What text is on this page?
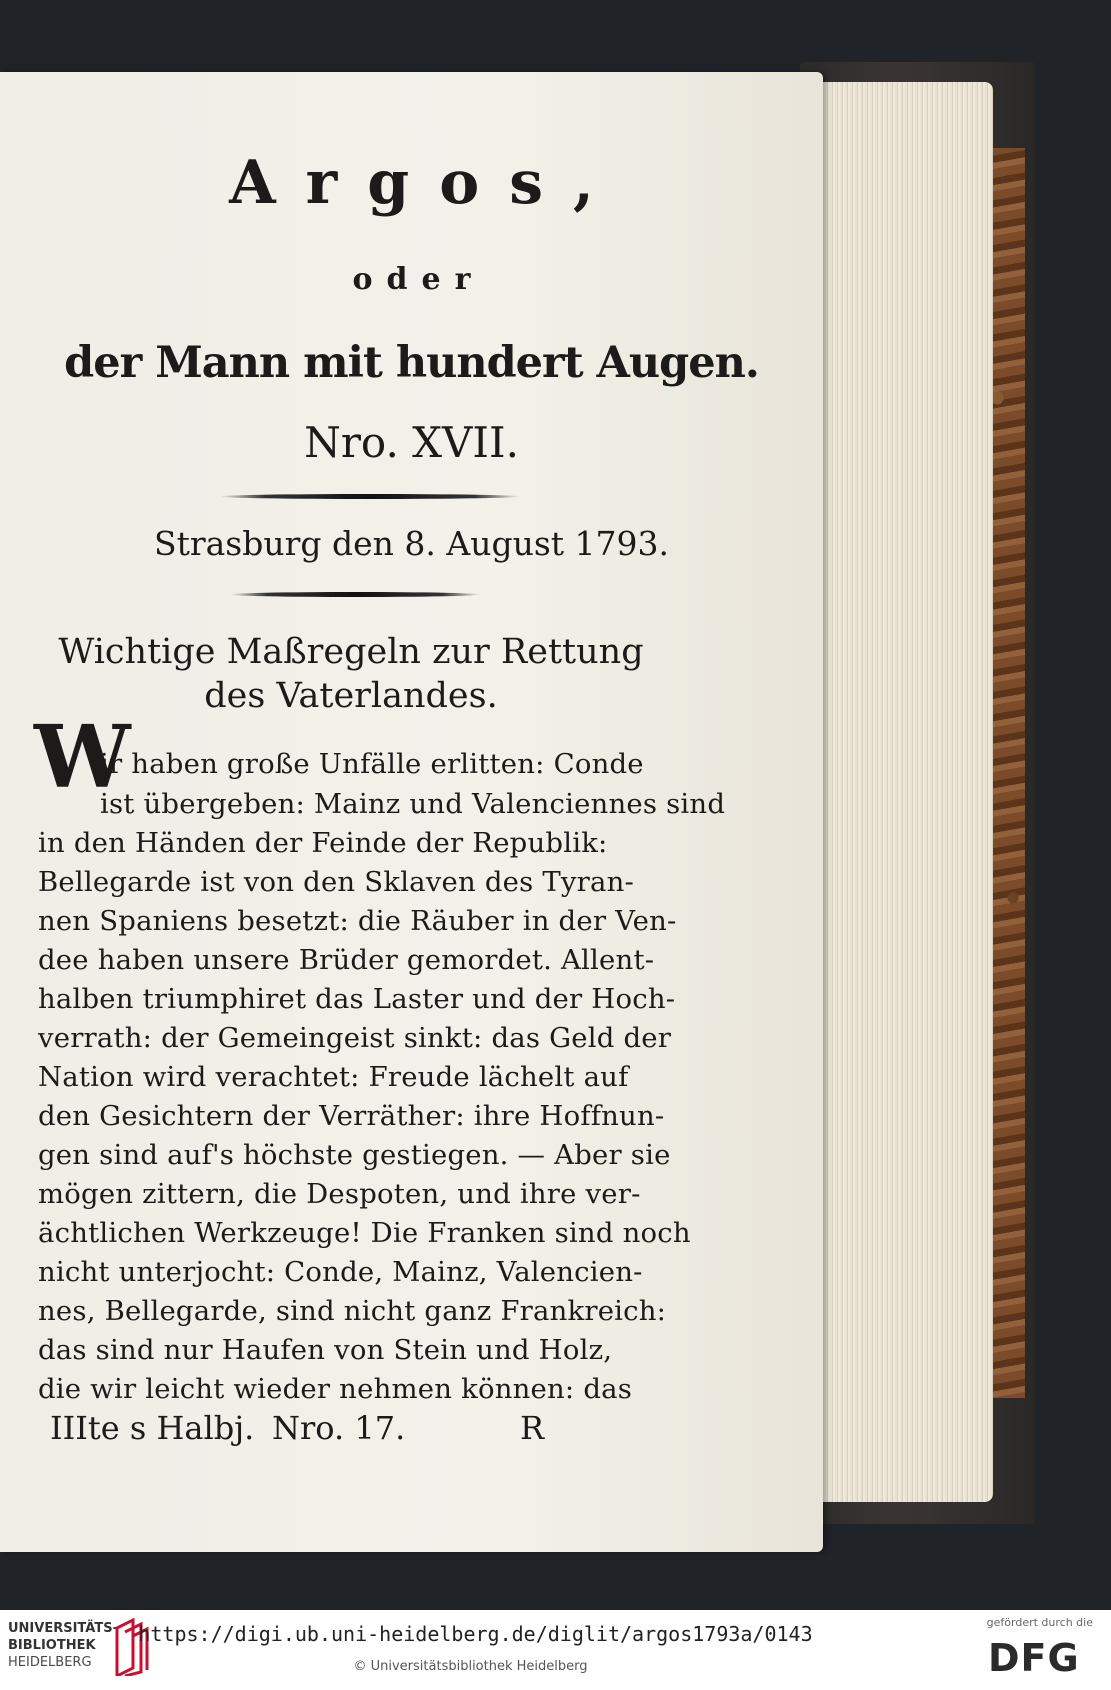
Argos,

oder

der Mann mit hundert Augen.

Nro. XVII.

Strasburg den 8. August 1793.

Wichtige Maßregeln zur Rettung des Vaterlandes.

W

ir haben große Unfälle erlitten: Conde

ist übergeben: Mainz und Valenciennes sind

in den Händen der Feinde der Republik:

Bellegarde ist von den Sklaven des Tyran-

nen Spaniens besetzt: die Räuber in der Ven-

dee haben unsere Brüder gemordet. Allent-

halben triumphiret das Laster und der Hoch-

verrath: der Gemeingeist sinkt: das Geld der

Nation wird verachtet: Freude lächelt auf

den Gesichtern der Verräther: ihre Hoffnun-

gen sind auf's höchste gestiegen. — Aber sie

mögen zittern, die Despoten, und ihre ver-

ächtlichen Werkzeuge! Die Franken sind noch

nicht unterjocht: Conde, Mainz, Valencien-

nes, Bellegarde, sind nicht ganz Frankreich:

das sind nur Haufen von Stein und Holz,

die wir leicht wieder nehmen können: das

IIIte s Halbj. Nro. 17.	R

UNIVERSITÄTS-
BIBLIOTHEK
HEIDELBERG

https://digi.ub.uni-heidelberg.de/diglit/argos1793a/0143

© Universitätsbibliothek Heidelberg

gefördert durch die

DFG
